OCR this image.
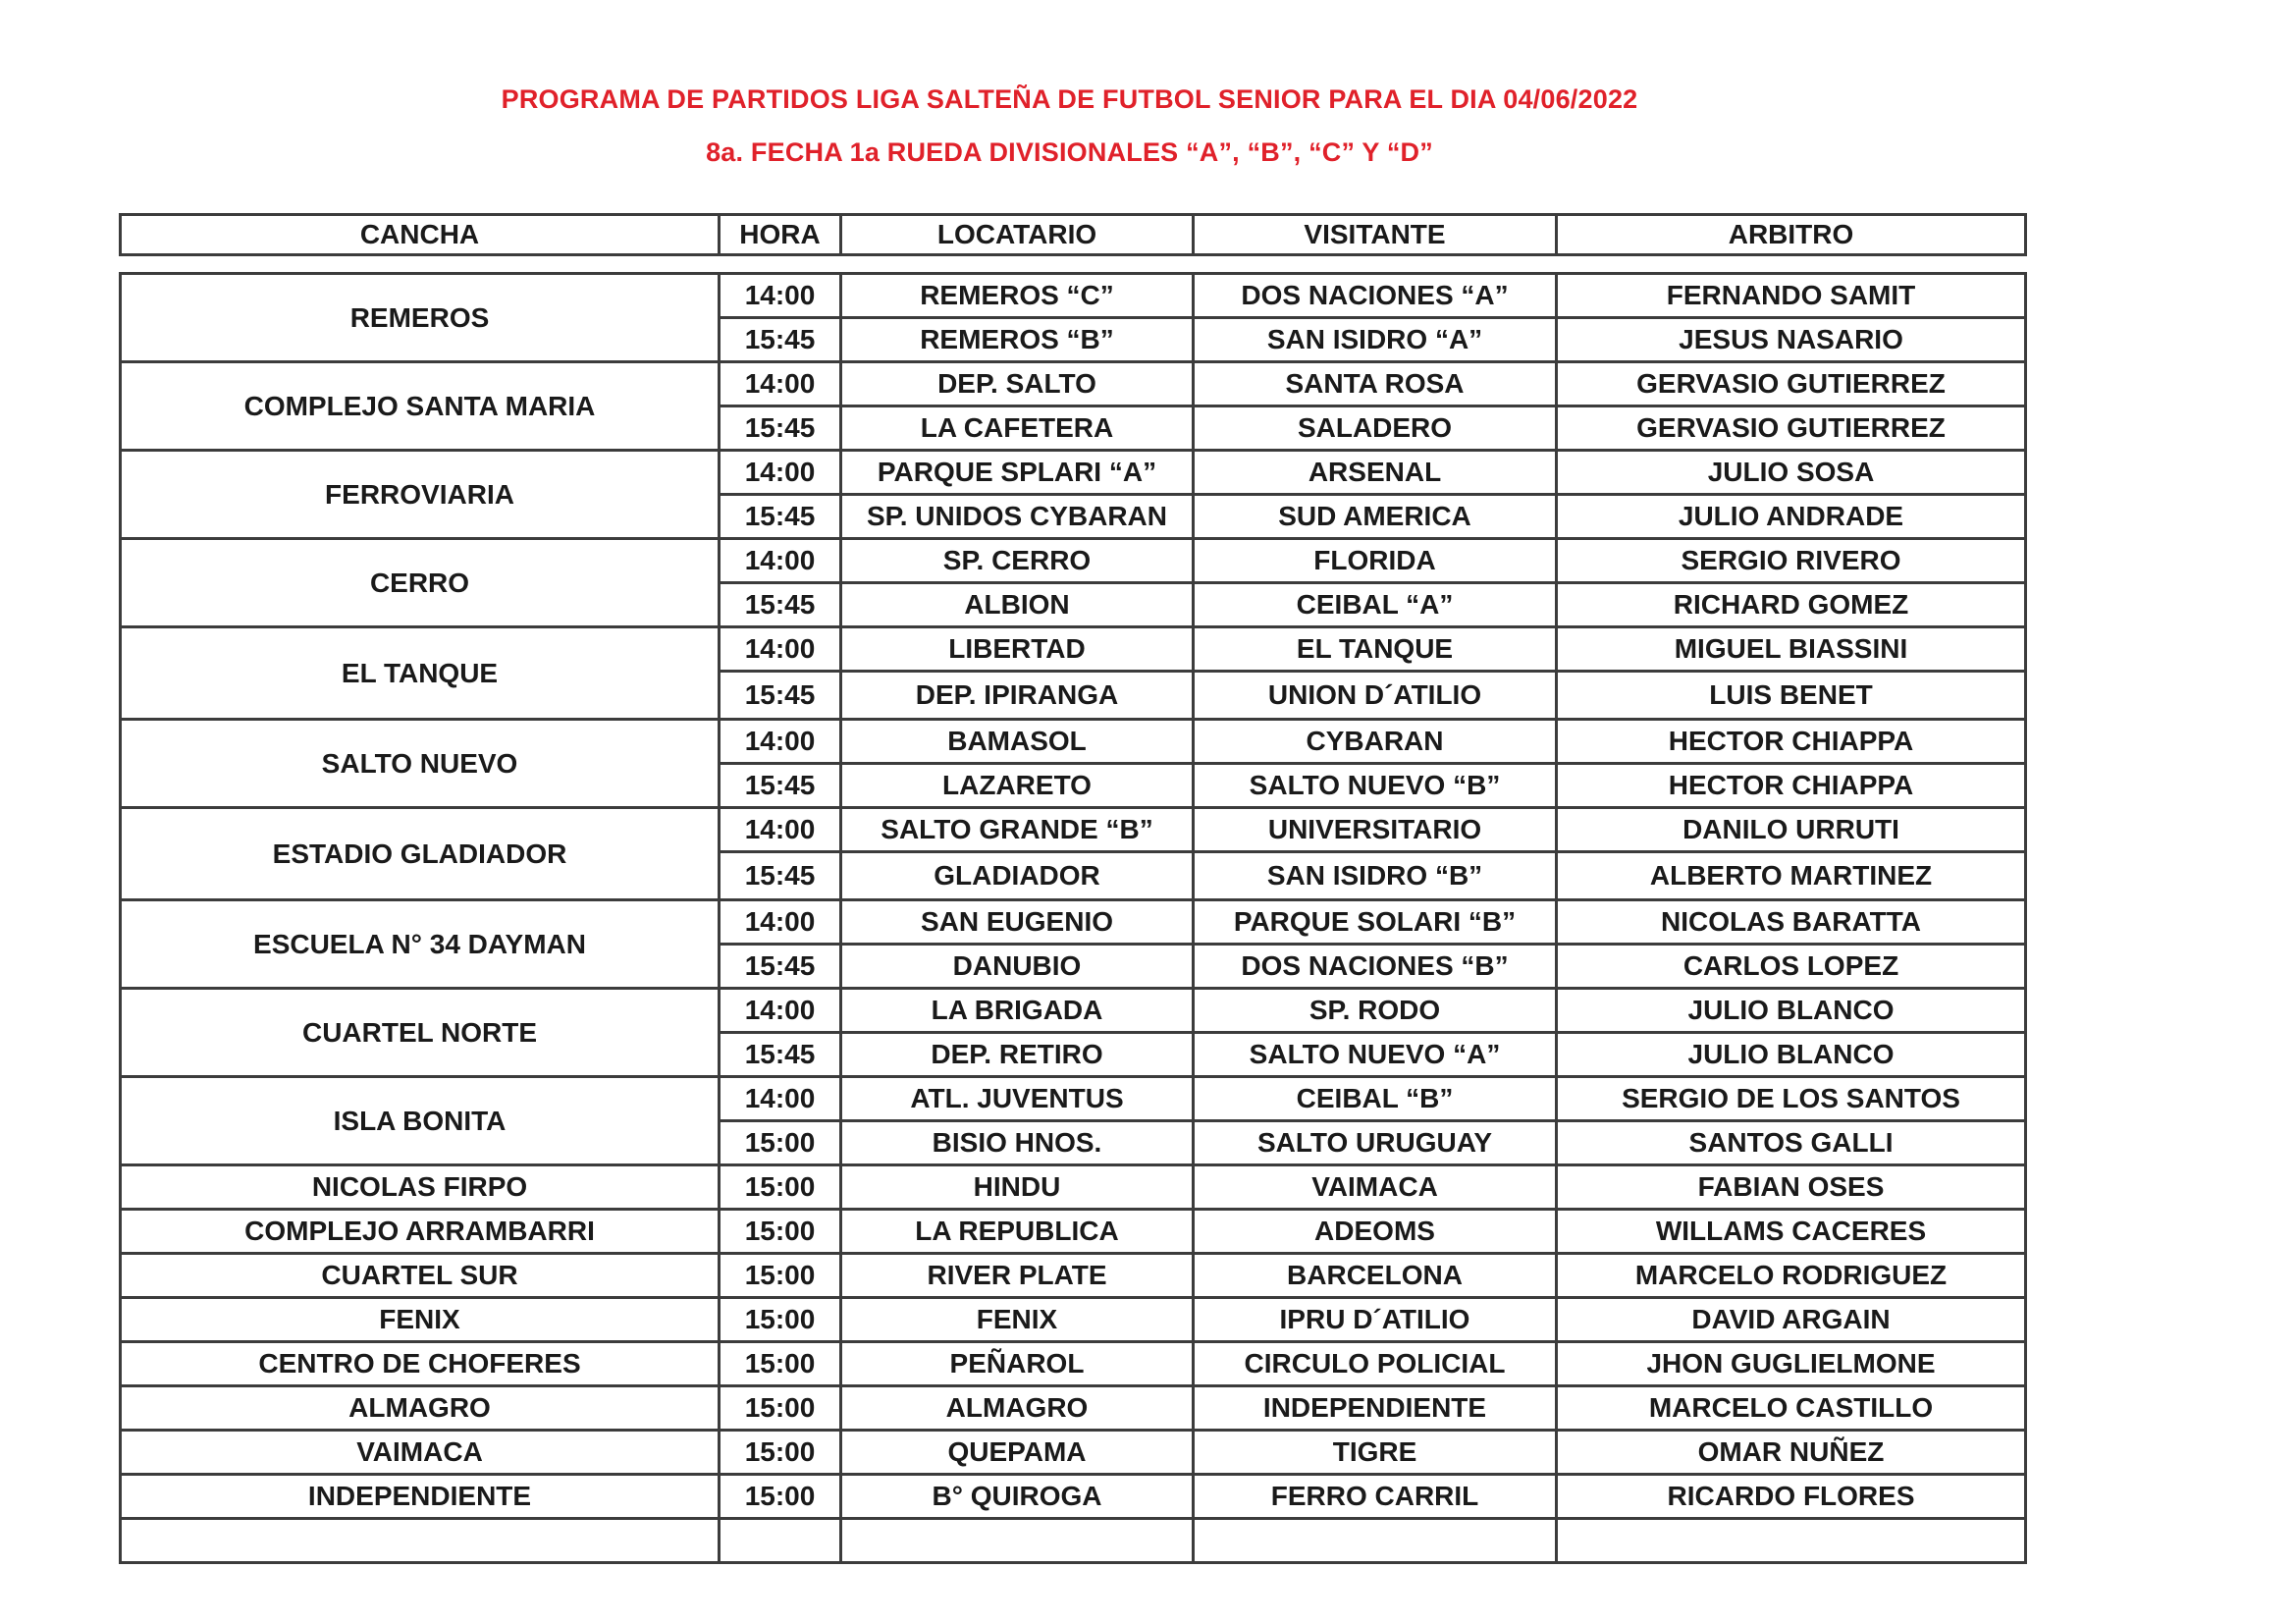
PROGRAMA DE PARTIDOS LIGA SALTEÑA DE FUTBOL SENIOR PARA EL DIA 04/06/2022
8a. FECHA 1a RUEDA DIVISIONALES “A”, “B”, “C” Y “D”
CANCHA	HORA	LOCATARIO	VISITANTE	ARBITRO
REMEROS	14:00	REMEROS “C”	DOS NACIONES “A”	FERNANDO SAMIT
	15:45	REMEROS “B”	SAN ISIDRO “A”	JESUS NASARIO
COMPLEJO SANTA MARIA	14:00	DEP. SALTO	SANTA ROSA	GERVASIO GUTIERREZ
	15:45	LA CAFETERA	SALADERO	GERVASIO GUTIERREZ
FERROVIARIA	14:00	PARQUE SPLARI “A”	ARSENAL	JULIO SOSA
	15:45	SP. UNIDOS CYBARAN	SUD AMERICA	JULIO ANDRADE
CERRO	14:00	SP. CERRO	FLORIDA	SERGIO RIVERO
	15:45	ALBION	CEIBAL “A”	RICHARD GOMEZ
EL TANQUE	14:00	LIBERTAD	EL TANQUE	MIGUEL BIASSINI
	15:45	DEP. IPIRANGA	UNION D´ATILIO	LUIS BENET
SALTO NUEVO	14:00	BAMASOL	CYBARAN	HECTOR CHIAPPA
	15:45	LAZARETO	SALTO NUEVO “B”	HECTOR CHIAPPA
ESTADIO GLADIADOR	14:00	SALTO GRANDE “B”	UNIVERSITARIO	DANILO URRUTI
	15:45	GLADIADOR	SAN ISIDRO “B”	ALBERTO MARTINEZ
ESCUELA N° 34 DAYMAN	14:00	SAN EUGENIO	PARQUE SOLARI “B”	NICOLAS BARATTA
	15:45	DANUBIO	DOS NACIONES “B”	CARLOS LOPEZ
CUARTEL NORTE	14:00	LA BRIGADA	SP. RODO	JULIO BLANCO
	15:45	DEP. RETIRO	SALTO NUEVO “A”	JULIO BLANCO
ISLA BONITA	14:00	ATL. JUVENTUS	CEIBAL “B”	SERGIO DE LOS SANTOS
	15:00	BISIO HNOS.	SALTO URUGUAY	SANTOS GALLI
NICOLAS FIRPO	15:00	HINDU	VAIMACA	FABIAN OSES
COMPLEJO ARRAMBARRI	15:00	LA REPUBLICA	ADEOMS	WILLAMS CACERES
CUARTEL SUR	15:00	RIVER PLATE	BARCELONA	MARCELO RODRIGUEZ
FENIX	15:00	FENIX	IPRU D´ATILIO	DAVID ARGAIN
CENTRO DE CHOFERES	15:00	PEÑAROL	CIRCULO POLICIAL	JHON GUGLIELMONE
ALMAGRO	15:00	ALMAGRO	INDEPENDIENTE	MARCELO CASTILLO
VAIMACA	15:00	QUEPAMA	TIGRE	OMAR NUÑEZ
INDEPENDIENTE	15:00	B° QUIROGA	FERRO CARRIL	RICARDO FLORES
